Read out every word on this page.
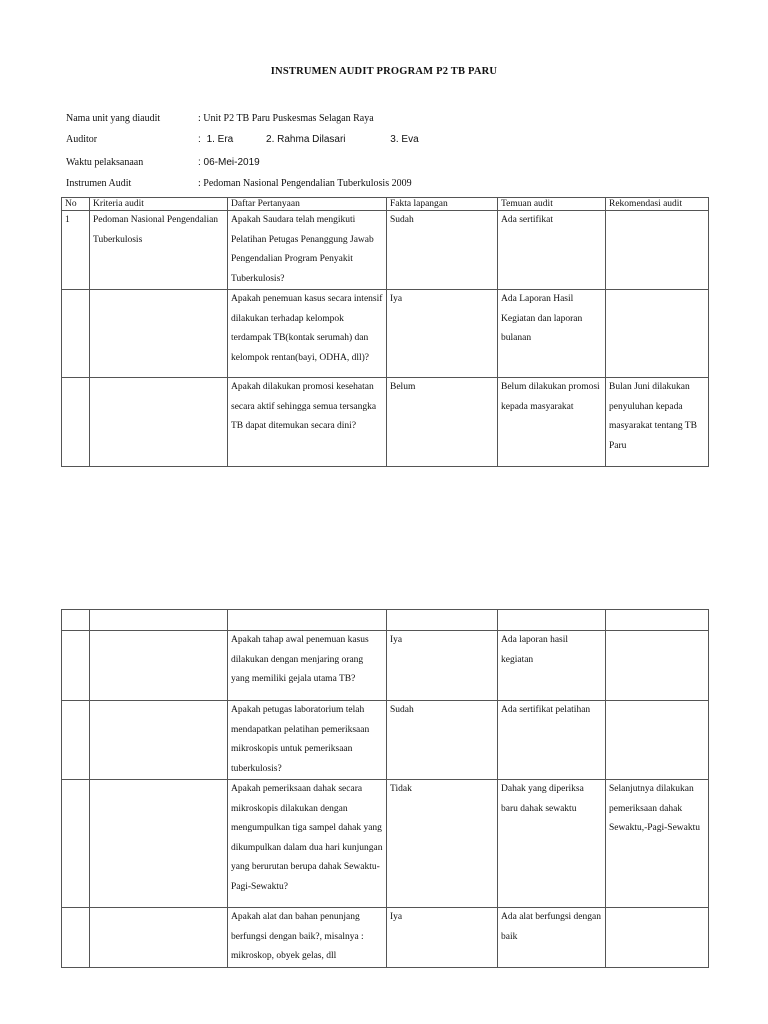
INSTRUMEN AUDIT PROGRAM P2 TB PARU
Nama unit yang diaudit	: Unit P2 TB Paru Puskesmas Selagan Raya
Auditor	: 1. Era	2. Rahma Dilasari	3. Eva
Waktu pelaksanaan	: 06-Mei-2019
Instrumen Audit	: Pedoman Nasional Pengendalian Tuberkulosis 2009
No	Kriteria audit	Daftar Pertanyaan	Fakta lapangan	Temuan audit	Rekomendasi audit
1	Pedoman Nasional Pengendalian Tuberkulosis	Apakah Saudara telah mengikuti Pelatihan Petugas Penanggung Jawab Pengendalian Program Penyakit Tuberkulosis?	Sudah	Ada sertifikat	
		Apakah penemuan kasus secara intensif dilakukan terhadap kelompok terdampak TB(kontak serumah) dan kelompok rentan(bayi, ODHA, dll)?	Iya	Ada Laporan Hasil Kegiatan dan laporan bulanan	
		Apakah dilakukan promosi kesehatan secara aktif sehingga semua tersangka TB dapat ditemukan secara dini?	Belum	Belum dilakukan promosi kepada masyarakat	Bulan Juni dilakukan penyuluhan kepada masyarakat tentang TB Paru

		Apakah tahap awal penemuan kasus dilakukan dengan menjaring orang yang memiliki gejala utama TB?	Iya	Ada laporan hasil kegiatan	
		Apakah petugas laboratorium telah mendapatkan pelatihan pemeriksaan mikroskopis untuk pemeriksaan tuberkulosis?	Sudah	Ada sertifikat pelatihan	
		Apakah pemeriksaan dahak secara mikroskopis dilakukan dengan mengumpulkan tiga sampel dahak yang dikumpulkan dalam dua hari kunjungan yang berurutan berupa dahak Sewaktu-Pagi-Sewaktu?	Tidak	Dahak yang diperiksa baru dahak sewaktu	Selanjutnya dilakukan pemeriksaan dahak Sewaktu,-Pagi-Sewaktu
		Apakah alat dan bahan penunjang berfungsi dengan baik?, misalnya : mikroskop, obyek gelas, dll	Iya	Ada alat berfungsi dengan baik	
